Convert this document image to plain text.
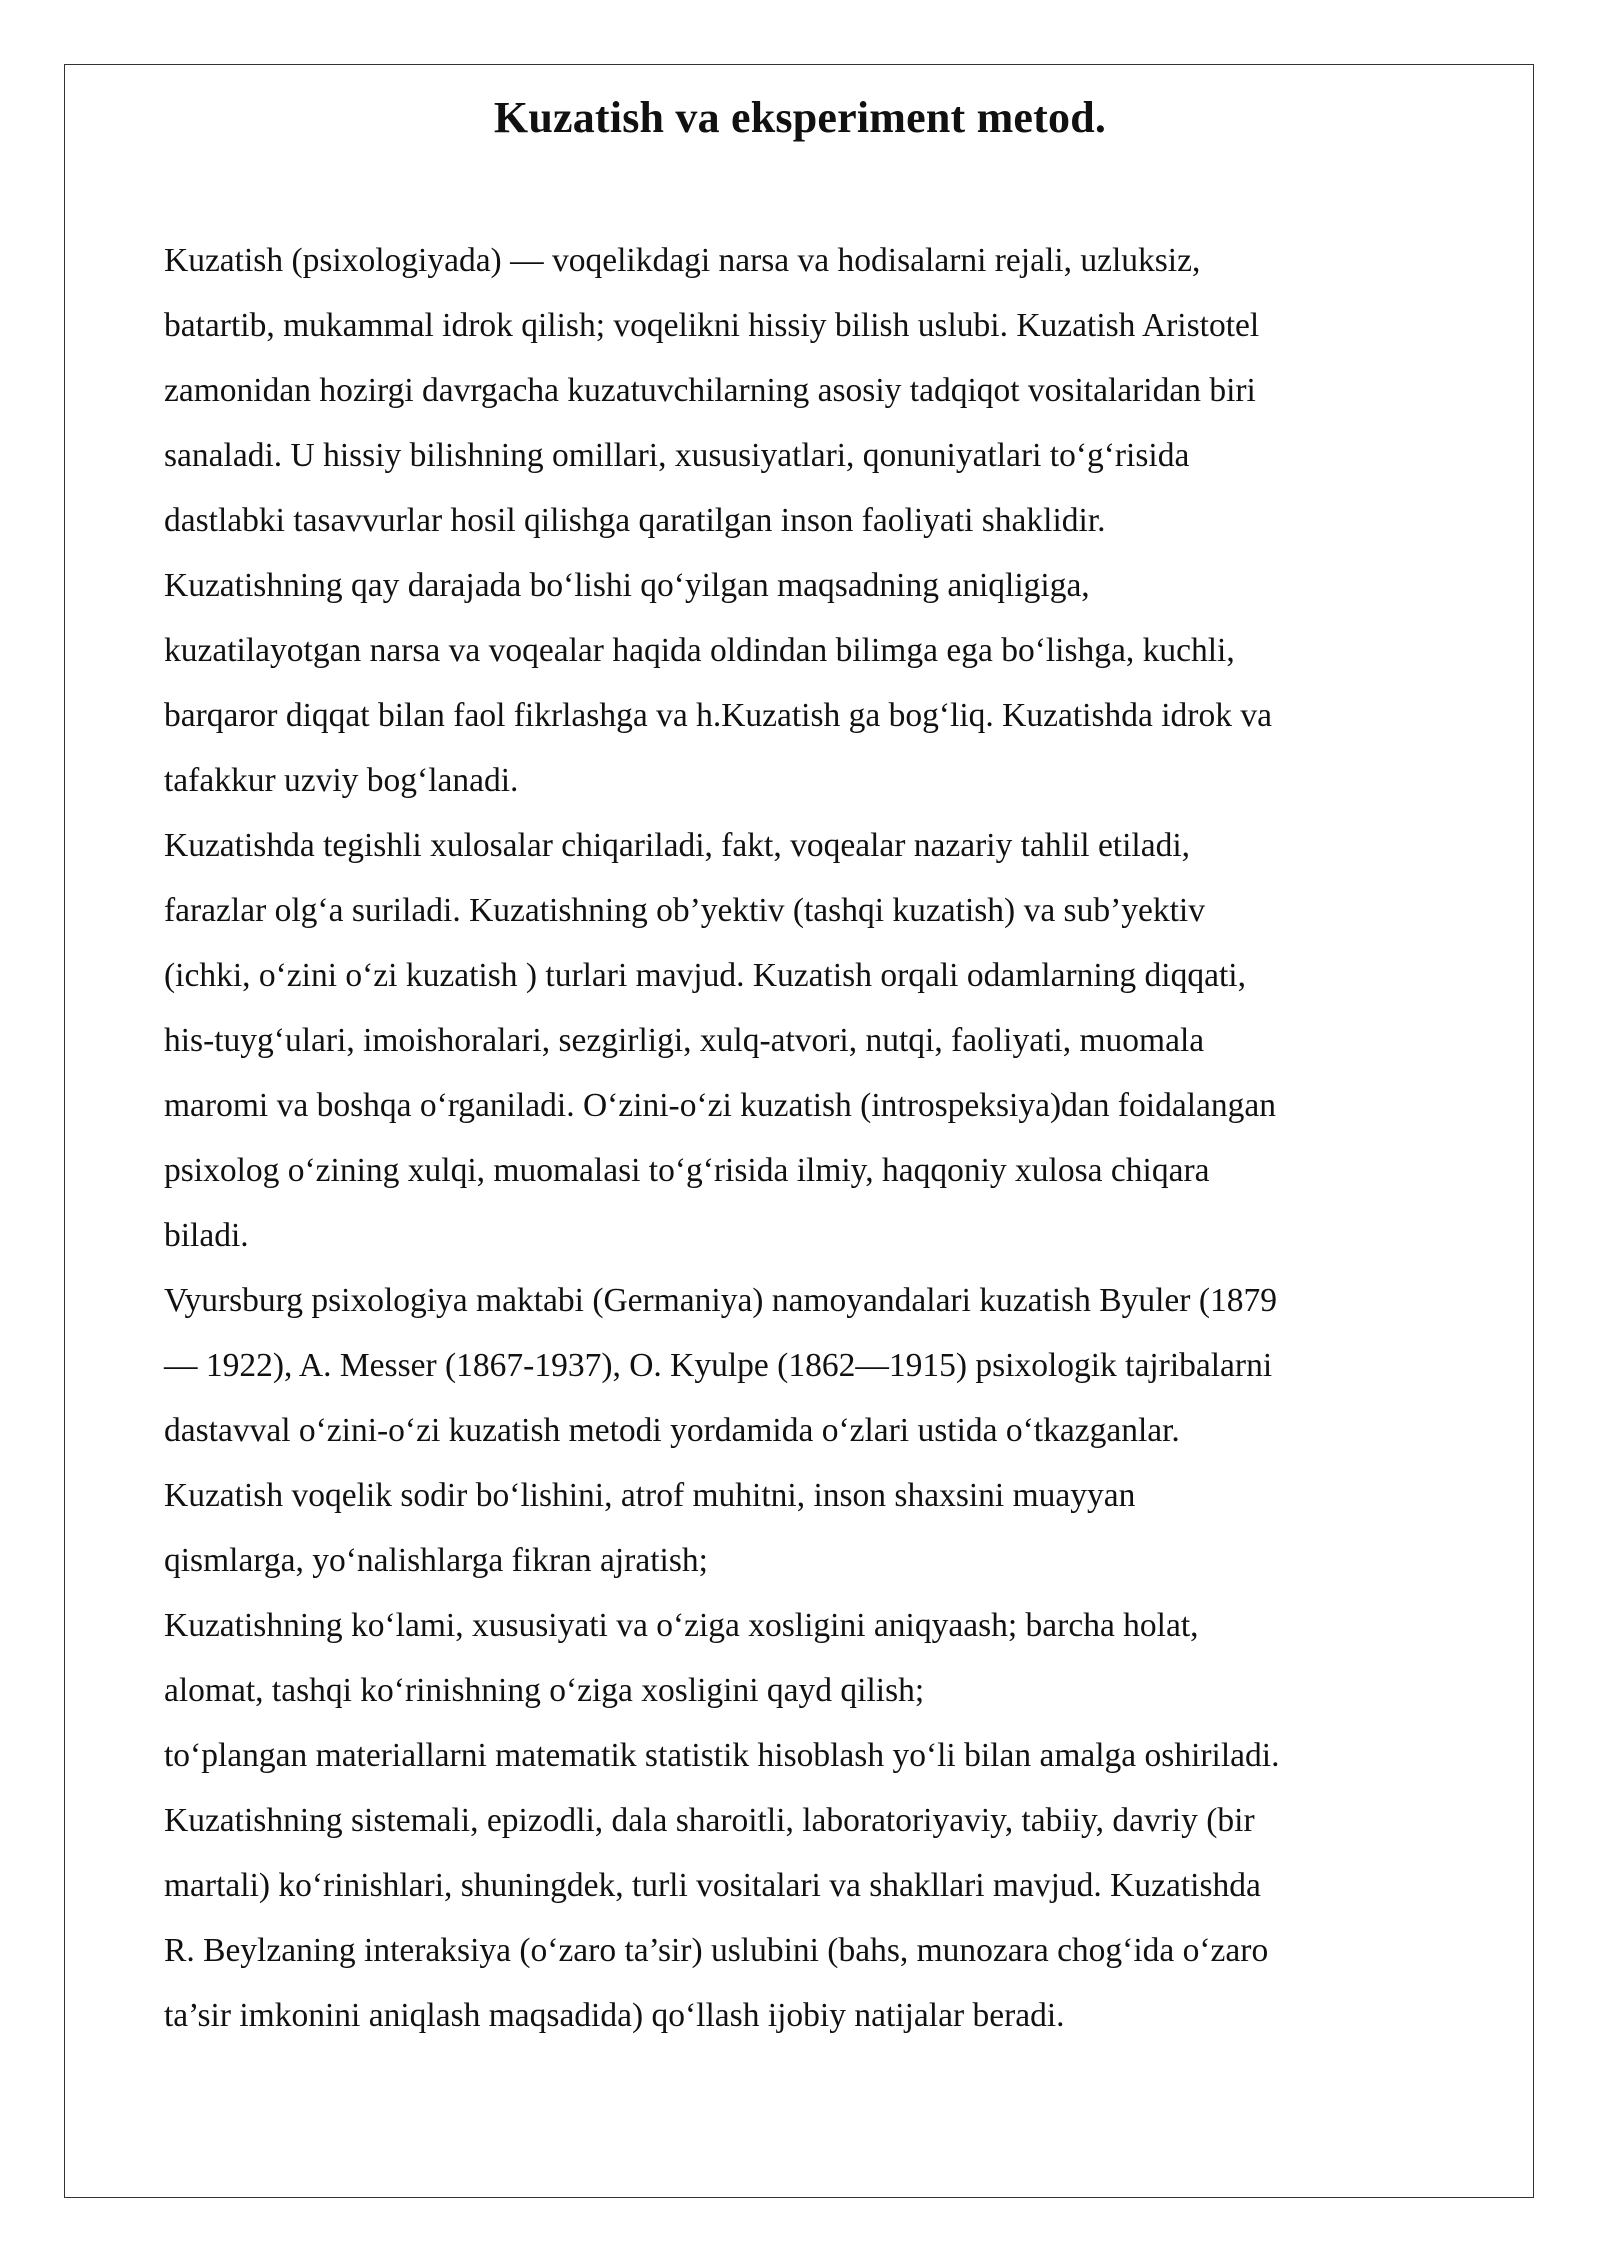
Kuzatish va eksperiment metod.
Kuzatish (psixologiyada) — voqelikdagi narsa va hodisalarni rejali, uzluksiz,
batartib, mukammal idrok qilish; voqelikni hissiy bilish uslubi. Kuzatish Aristotel
zamonidan hozirgi davrgacha kuzatuvchilarning asosiy tadqiqot vositalaridan biri
sanaladi. U hissiy bilishning omillari, xususiyatlari, qonuniyatlari to‘g‘risida
dastlabki tasavvurlar hosil qilishga qaratilgan inson faoliyati shaklidir.
Kuzatishning qay darajada bo‘lishi qo‘yilgan maqsadning aniqligiga,
kuzatilayotgan narsa va voqealar haqida oldindan bilimga ega bo‘lishga, kuchli,
barqaror diqqat bilan faol fikrlashga va h.Kuzatish ga bog‘liq. Kuzatishda idrok va
tafakkur uzviy bog‘lanadi.
Kuzatishda tegishli xulosalar chiqariladi, fakt, voqealar nazariy tahlil etiladi,
farazlar olg‘a suriladi. Kuzatishning ob’yektiv (tashqi kuzatish) va sub’yektiv
(ichki, o‘zini o‘zi kuzatish ) turlari mavjud. Kuzatish orqali odamlarning diqqati,
his-tuyg‘ulari, imoishoralari, sezgirligi, xulq-atvori, nutqi, faoliyati, muomala
maromi va boshqa o‘rganiladi. O‘zini-o‘zi kuzatish (introspeksiya)dan foidalangan
psixolog o‘zining xulqi, muomalasi to‘g‘risida ilmiy, haqqoniy xulosa chiqara
biladi.
Vyursburg psixologiya maktabi (Germaniya) namoyandalari kuzatish Byuler (1879
— 1922), A. Messer (1867-1937), O. Kyulpe (1862—1915) psixologik tajribalarni
dastavval o‘zini-o‘zi kuzatish metodi yordamida o‘zlari ustida o‘tkazganlar.
Kuzatish voqelik sodir bo‘lishini, atrof muhitni, inson shaxsini muayyan
qismlarga, yo‘nalishlarga fikran ajratish;
Kuzatishning ko‘lami, xususiyati va o‘ziga xosligini aniqyaash; barcha holat,
alomat, tashqi ko‘rinishning o‘ziga xosligini qayd qilish;
to‘plangan materiallarni matematik statistik hisoblash yo‘li bilan amalga oshiriladi.
Kuzatishning sistemali, epizodli, dala sharoitli, laboratoriyaviy, tabiiy, davriy (bir
martali) ko‘rinishlari, shuningdek, turli vositalari va shakllari mavjud. Kuzatishda
R. Beylzaning interaksiya (o‘zaro ta’sir) uslubini (bahs, munozara chog‘ida o‘zaro
ta’sir imkonini aniqlash maqsadida) qo‘llash ijobiy natijalar beradi.
